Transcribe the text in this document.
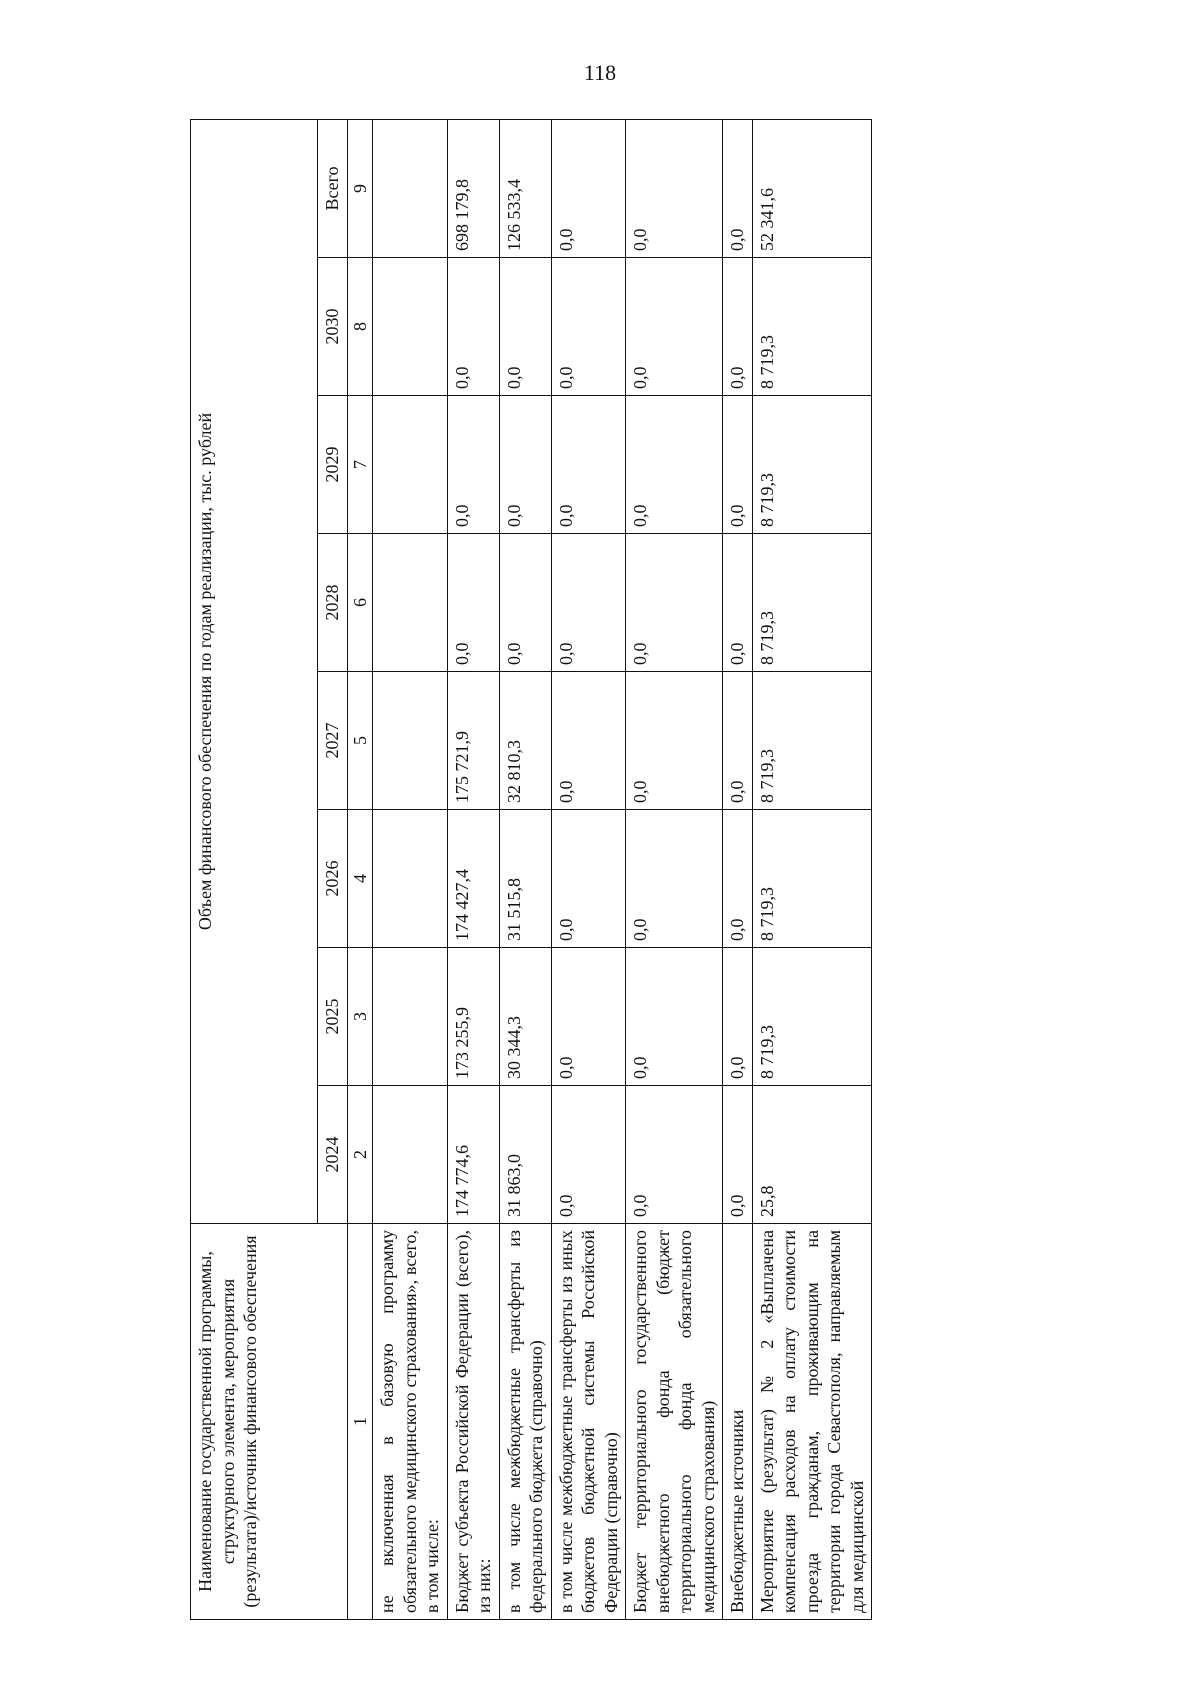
118
Наименование государственной программы, структурного элемента, мероприятия (результата)/источник финансового обеспечения	Объем финансового обеспечения по годам реализации, тыс. рублей							
	2024	2025	2026	2027	2028	2029	2030	Всего
1	2	3	4	5	6	7	8	9
не включенная в базовую программу обязательного медицинского страхования», всего, в том числе:								
Бюджет субъекта Российской Федерации (всего), из них:	174 774,6	173 255,9	174 427,4	175 721,9	0,0	0,0	0,0	698 179,8
в том числе межбюджетные трансферты из федерального бюджета (справочно)	31 863,0	30 344,3	31 515,8	32 810,3	0,0	0,0	0,0	126 533,4
в том числе межбюджетные трансферты из иных бюджетов бюджетной системы Российской Федерации (справочно)	0,0	0,0	0,0	0,0	0,0	0,0	0,0	0,0
Бюджет территориального государственного внебюджетного фонда (бюджет территориального фонда обязательного медицинского страхования)	0,0	0,0	0,0	0,0	0,0	0,0	0,0	0,0
Внебюджетные источники	0,0	0,0	0,0	0,0	0,0	0,0	0,0	0,0
Мероприятие (результат) № 2 «Выплачена компенсация расходов на оплату стоимости проезда гражданам, проживающим на территории города Севастополя, направляемым для медицинской	25,8	8 719,3	8 719,3	8 719,3	8 719,3	8 719,3	8 719,3	52 341,6
